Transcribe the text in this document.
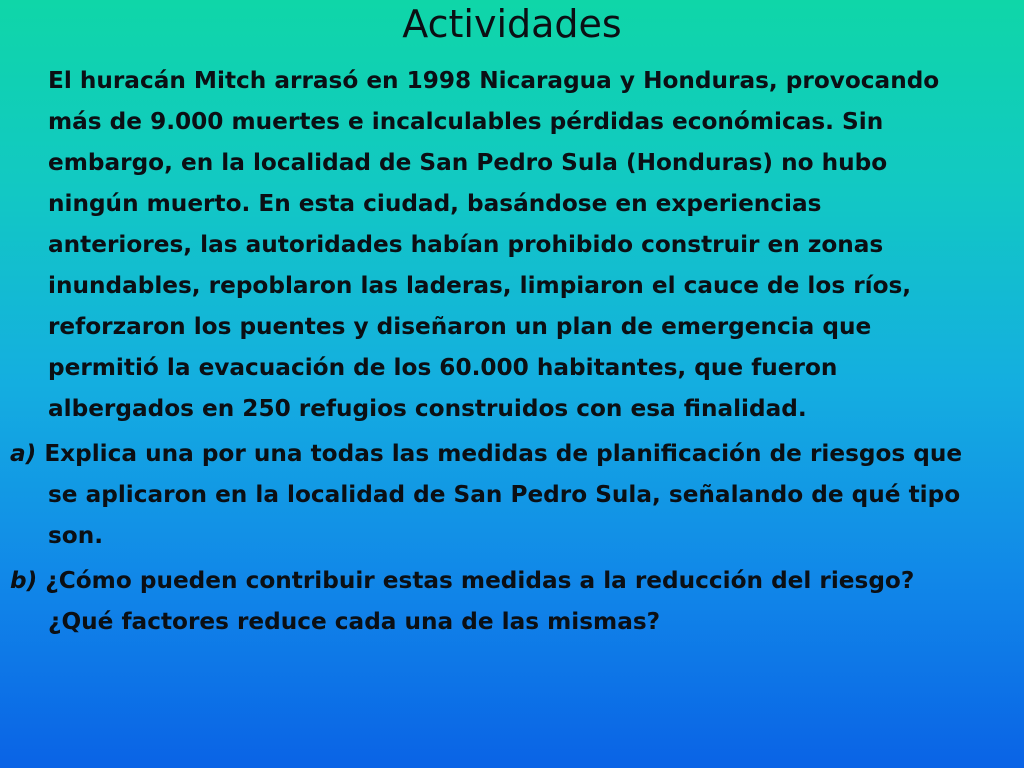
Actividades
El huracán Mitch arrasó en 1998 Nicaragua y Honduras, provocando
más de 9.000 muertes e incalculables pérdidas económicas. Sin
embargo, en la localidad de San Pedro Sula (Honduras) no hubo
ningún muerto. En esta ciudad, basándose en experiencias
anteriores, las autoridades habían prohibido construir en zonas
inundables, repoblaron las laderas, limpiaron el cauce de los ríos,
reforzaron los puentes y diseñaron un plan de emergencia que
permitió la evacuación de los 60.000 habitantes, que fueron
albergados en 250 refugios construidos con esa finalidad.
a) Explica una por una todas las medidas de planificación de riesgos que
se aplicaron en la localidad de San Pedro Sula, señalando de qué tipo
son.
b) ¿Cómo pueden contribuir estas medidas a la reducción del riesgo?
¿Qué factores reduce cada una de las mismas?
